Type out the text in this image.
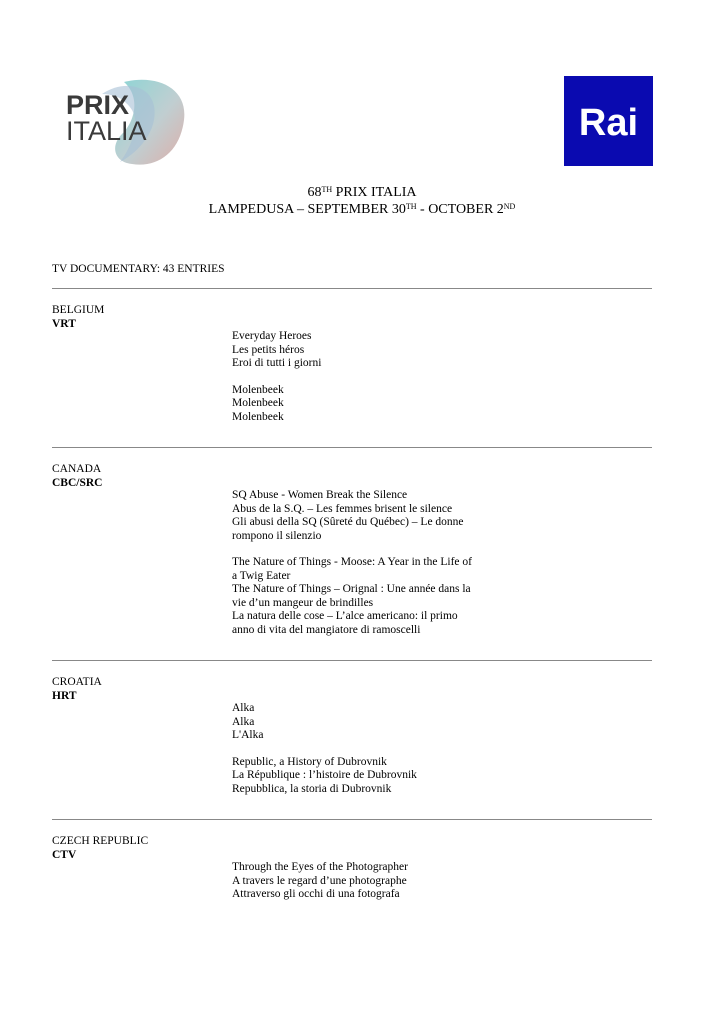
PRIX
ITALIA	Rai
68TH PRIX ITALIA
LAMPEDUSA – SEPTEMBER 30TH - OCTOBER 2ND
TV DOCUMENTARY: 43 ENTRIES
BELGIUM
VRT
Everyday Heroes
Les petits héros
Eroi di tutti i giorni
Molenbeek
Molenbeek
Molenbeek
CANADA
CBC/SRC
SQ Abuse - Women Break the Silence
Abus de la S.Q. – Les femmes brisent le silence
Gli abusi della SQ (Sûreté du Québec) – Le donne
rompono il silenzio
The Nature of Things - Moose: A Year in the Life of
a Twig Eater
The Nature of Things – Orignal : Une année dans la
vie d’un mangeur de brindilles
La natura delle cose – L’alce americano: il primo
anno di vita del mangiatore di ramoscelli
CROATIA
HRT
Alka
Alka
L'Alka
Republic, a History of Dubrovnik
La République : l’histoire de Dubrovnik
Repubblica, la storia di Dubrovnik
CZECH REPUBLIC
CTV
Through the Eyes of the Photographer
A travers le regard d’une photographe
Attraverso gli occhi di una fotografa
